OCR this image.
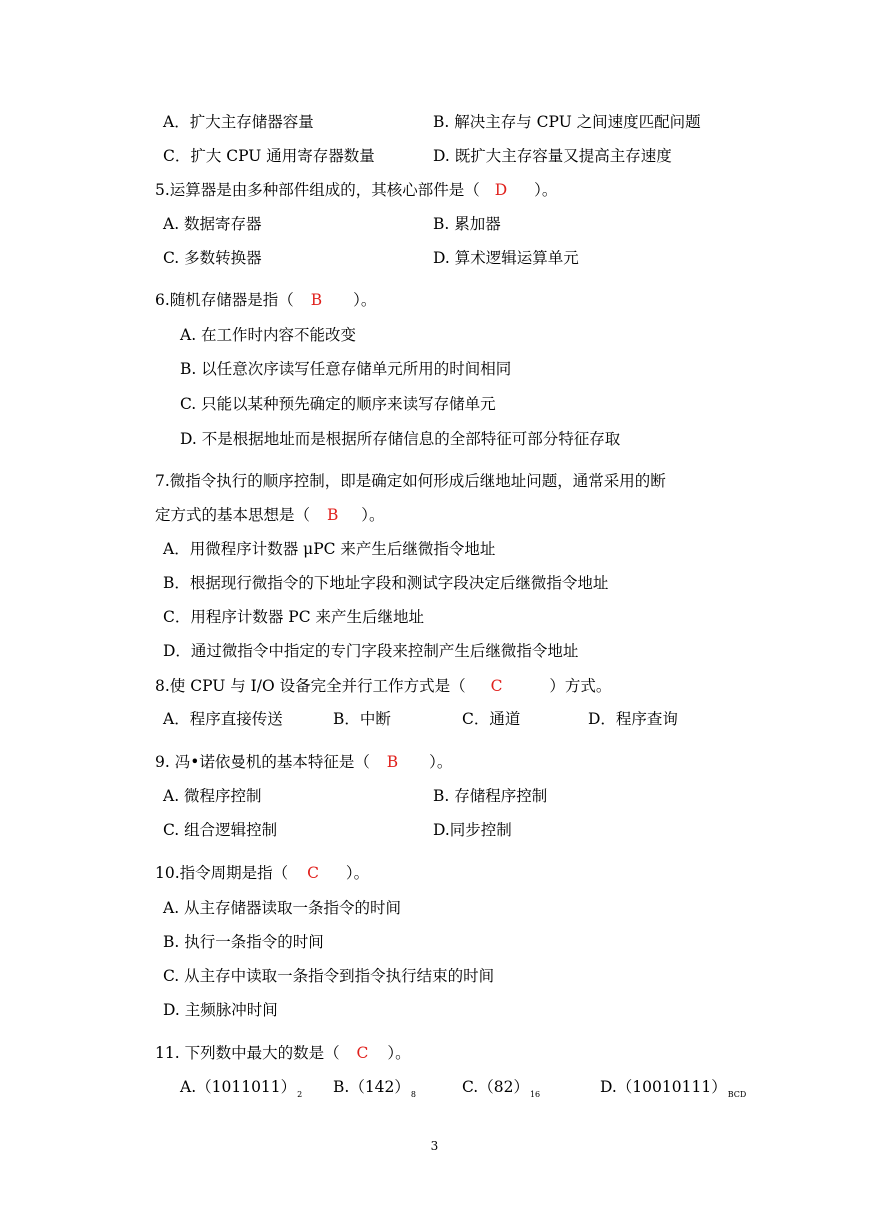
A．扩大主存储器容量	B. 解决主存与 CPU 之间速度匹配问题
C．扩大 CPU 通用寄存器数量	D. 既扩大主存容量又提高主存速度
5.运算器是由多种部件组成的，其核心部件是（ D ）。
A. 数据寄存器	B. 累加器
C. 多数转换器	D. 算术逻辑运算单元
6.随机存储器是指（ B ）。
A. 在工作时内容不能改变
B. 以任意次序读写任意存储单元所用的时间相同
C. 只能以某种预先确定的顺序来读写存储单元
D. 不是根据地址而是根据所存储信息的全部特征可部分特征存取
7.微指令执行的顺序控制，即是确定如何形成后继地址问题，通常采用的断
定方式的基本思想是（ B ）。
A．用微程序计数器 μPC 来产生后继微指令地址
B．根据现行微指令的下地址字段和测试字段决定后继微指令地址
C．用程序计数器 PC 来产生后继地址
D．通过微指令中指定的专门字段来控制产生后继微指令地址
8.使 CPU 与 I/O 设备完全并行工作方式是（ C	）方式。
A．程序直接传送	B．中断	C．通道	D．程序查询
9. 冯•诺依曼机的基本特征是（ B ）。
A. 微程序控制	B. 存储程序控制
C. 组合逻辑控制	D.同步控制
10.指令周期是指（ C ）。
A. 从主存储器读取一条指令的时间
B. 执行一条指令的时间
C. 从主存中读取一条指令到指令执行结束的时间
D. 主频脉冲时间
11. 下列数中最大的数是（ C ）。
$A.(1011011)_2$ $B.(142)_8$	$C.(82)_{16}$	$D.(10010111)_{BCD}$
3
